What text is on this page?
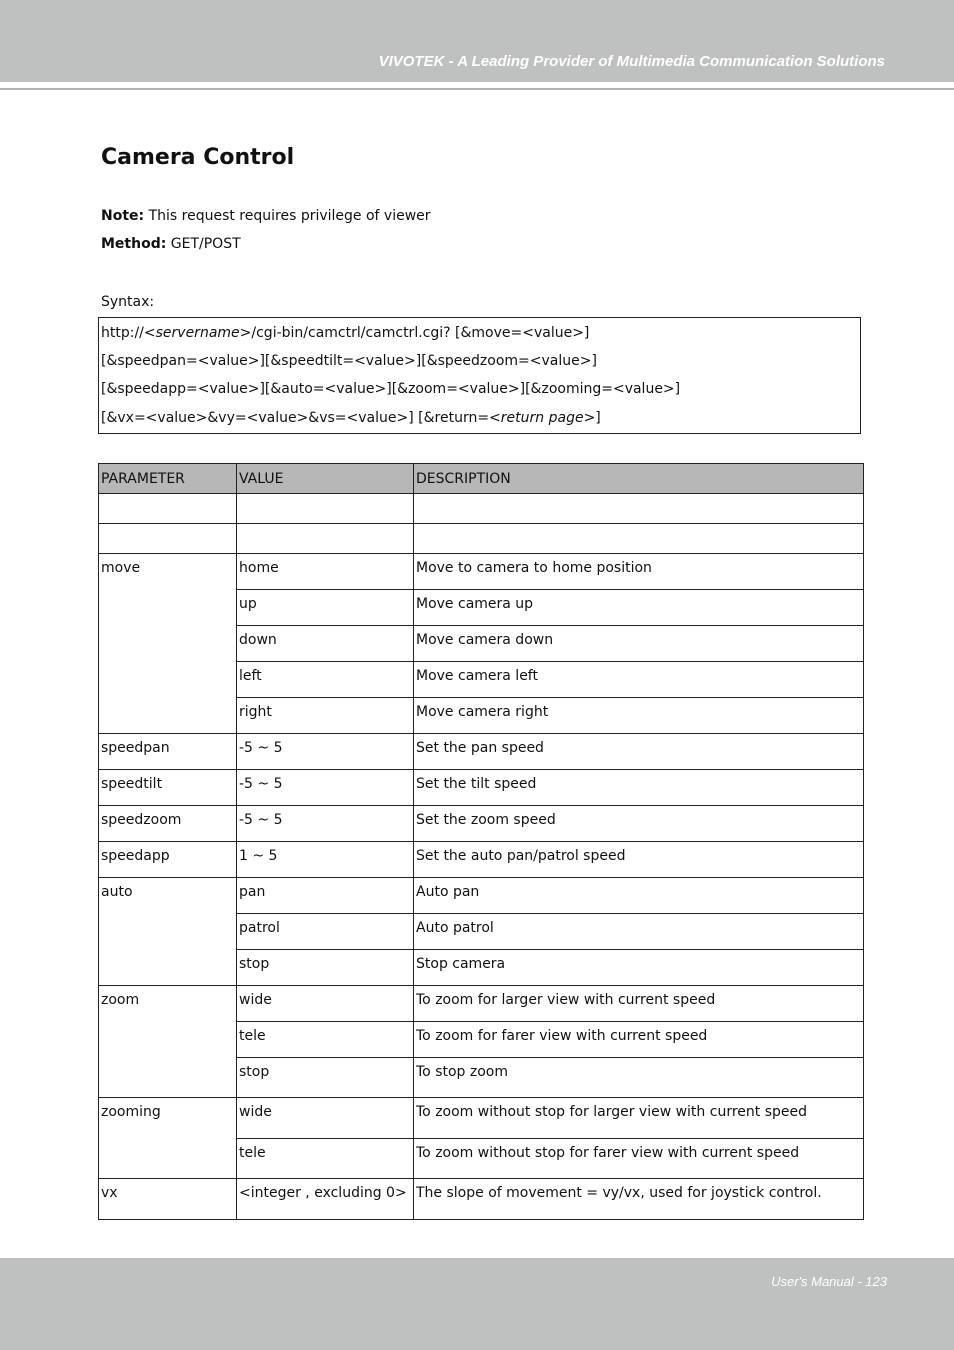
VIVOTEK - A Leading Provider of Multimedia Communication Solutions
Camera Control
Note: This request requires privilege of viewer
Method: GET/POST
Syntax:
http://<servername>/cgi-bin/camctrl/camctrl.cgi? [&move=<value>]
[&speedpan=<value>][&speedtilt=<value>][&speedzoom=<value>]
[&speedapp=<value>][&auto=<value>][&zoom=<value>][&zooming=<value>]
[&vx=<value>&vy=<value>&vs=<value>] [&return=<return page>]
PARAMETER	VALUE	DESCRIPTION

move	home	Move to camera to home position
	up	Move camera up
	down	Move camera down
	left	Move camera left
	right	Move camera right
speedpan	-5 ~ 5	Set the pan speed
speedtilt	-5 ~ 5	Set the tilt speed
speedzoom	-5 ~ 5	Set the zoom speed
speedapp	1 ~ 5	Set the auto pan/patrol speed
auto	pan	Auto pan
	patrol	Auto patrol
	stop	Stop camera
zoom	wide	To zoom for larger view with current speed
	tele	To zoom for farer view with current speed
	stop	To stop zoom
zooming	wide	To zoom without stop for larger view with current speed
	tele	To zoom without stop for farer view with current speed
vx	<integer , excluding 0>	The slope of movement = vy/vx, used for joystick control.
User's Manual - 123
